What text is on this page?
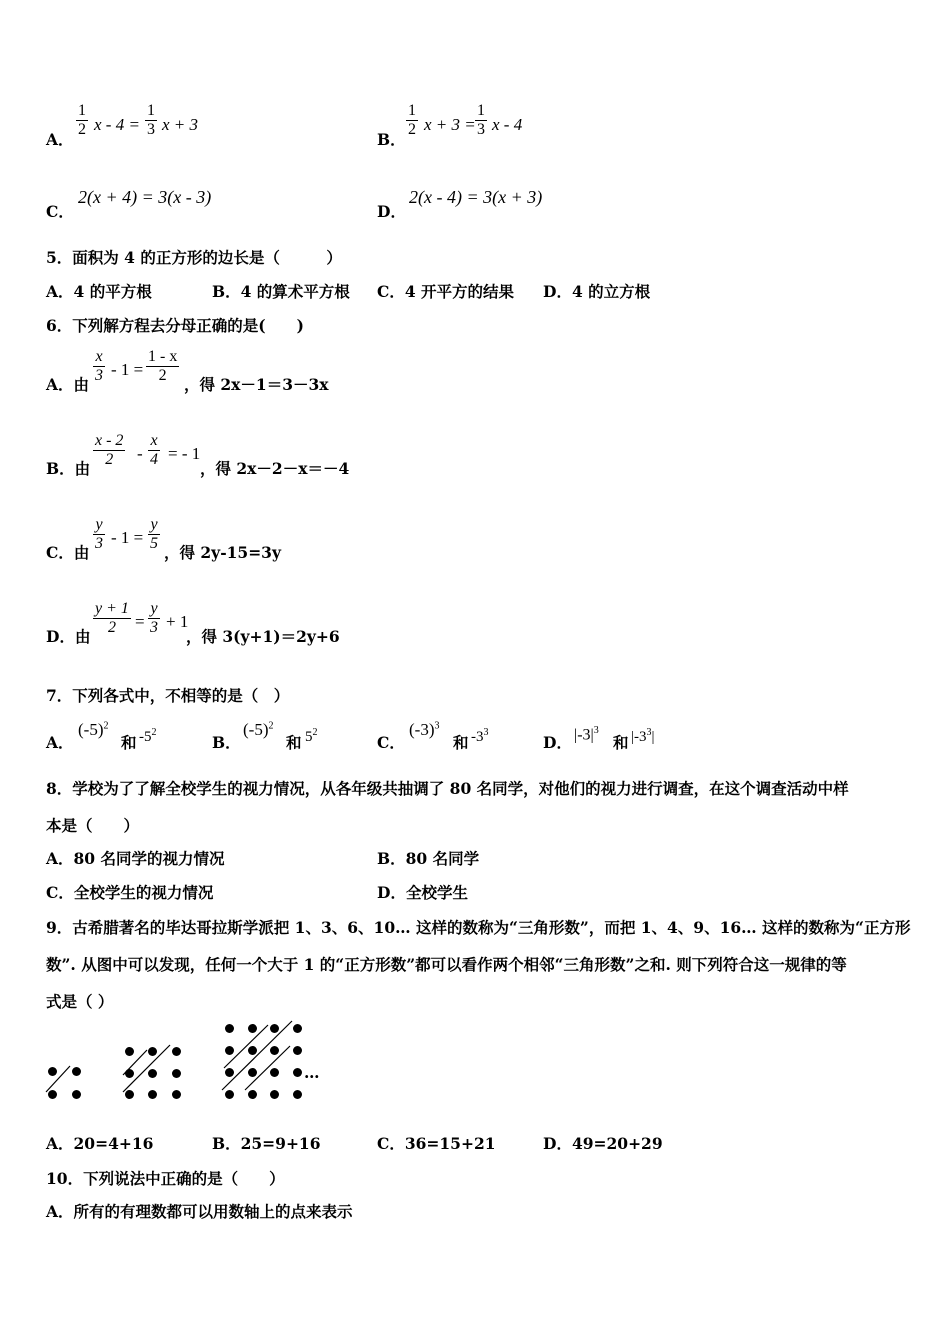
A．
$\frac{1}{2}$ $x - 4 = \frac{1}{3}$ x + 3
B．
$\frac{1}{2}$ $x + 3 = \frac{1}{3}$ x - 4
C．
2(x + 4) = 3(x - 3)
D．
2(x - 4) = 3(x + 3)
5．面积为 4 的正方形的边长是（　　　）
A．4 的平方根	B．4 的算术平方根 C．4 开平方的结果 D．4 的立方根
6．下列解方程去分母正确的是(　　)
A．由 $\frac{x}{3} - 1 = \frac{1 - x}{2}$ ，得 2x－1＝3－3x
B．由 $\frac{x - 2}{2} - \frac{x}{4}$ = - 1
，得 2x－2－x＝－4
C．由 $\frac{y}{3} - 1 = \frac{y}{5}$ ，得 2y-15=3y
D．由 $\frac{y + 1}{2} = \frac{y}{3} + 1$
，得 3(y+1)＝2y+6
7．下列各式中，不相等的是（　）
A．
$(-5)^2$
和 $-5^2$
B．
$(-5)^2$
和 $5^2$
C．
$(-3)^3$
和 $-3^3$
D． $|-3|^3$
和 $|-3^3|$
8．学校为了了解全校学生的视力情况，从各年级共抽调了 80 名同学，对他们的视力进行调查，在这个调查活动中样
本是（　　）
A．80 名同学的视力情况	B．80 名同学
C．全校学生的视力情况	D．全校学生
9．古希腊著名的毕达哥拉斯学派把 1、3、6、10… 这样的数称为“三角形数”，而把 1、4、9、16… 这样的数称为“正方形
数”. 从图中可以发现，任何一个大于 1 的“正方形数”都可以看作两个相邻“三角形数”之和. 则下列符合这一规律的等
式是（ ）
…
A．20=4+16	B．25=9+16	C．36=15+21	D．49=20+29
10．下列说法中正确的是（　　）
A．所有的有理数都可以用数轴上的点来表示
